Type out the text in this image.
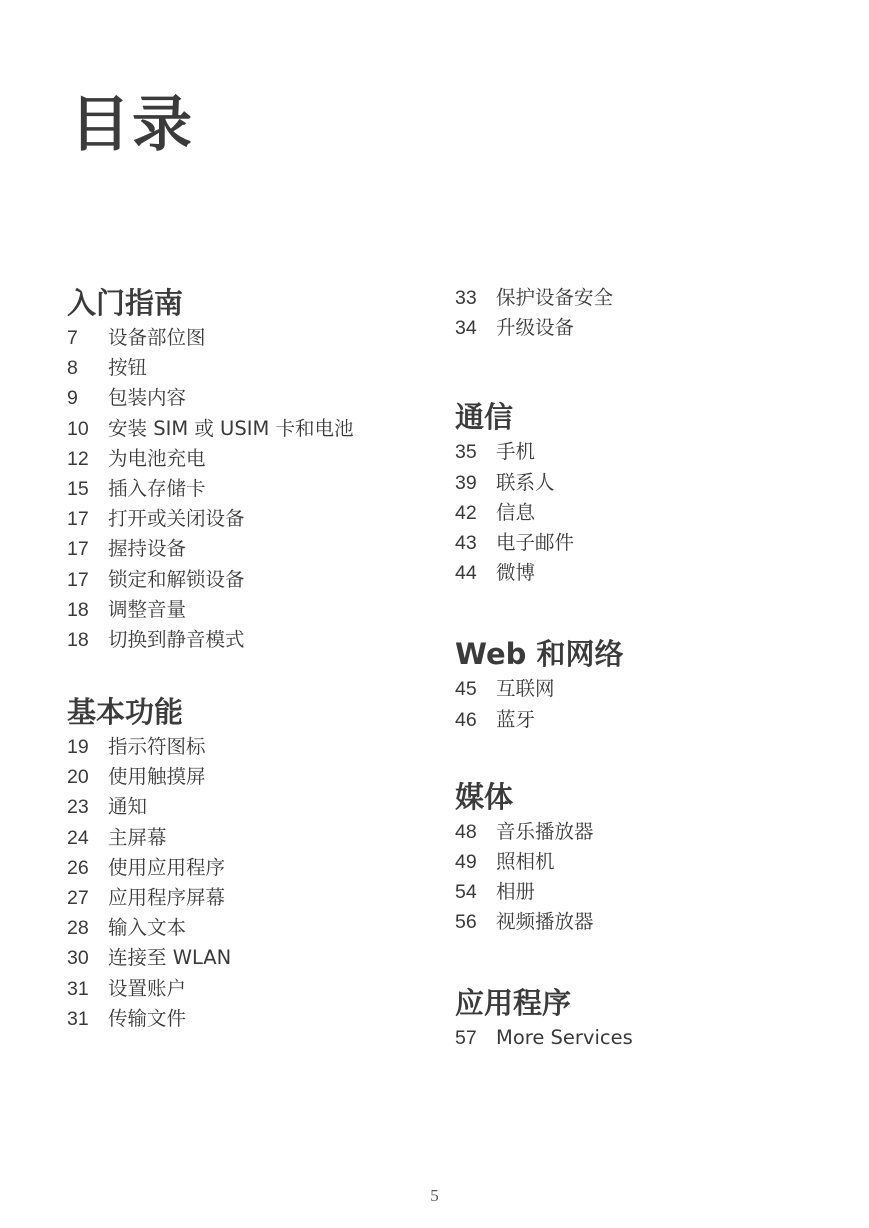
目录
入门指南
7	设备部位图
8	按钮
9	包装内容
10 安装 SIM 或 USIM 卡和电池
12 为电池充电
15 插入存储卡
17 打开或关闭设备
17 握持设备
17 锁定和解锁设备
18 调整音量
18 切换到静音模式
基本功能
19 指示符图标
20 使用触摸屏
23 通知
24 主屏幕
26 使用应用程序
27 应用程序屏幕
28 输入文本
30 连接至 WLAN
31 设置账户
31 传输文件
33 保护设备安全
34 升级设备
通信
35 手机
39 联系人
42 信息
43 电子邮件
44 微博
Web 和网络
45 互联网
46 蓝牙
媒体
48 音乐播放器
49 照相机
54 相册
56 视频播放器
应用程序
57 More Services
5
